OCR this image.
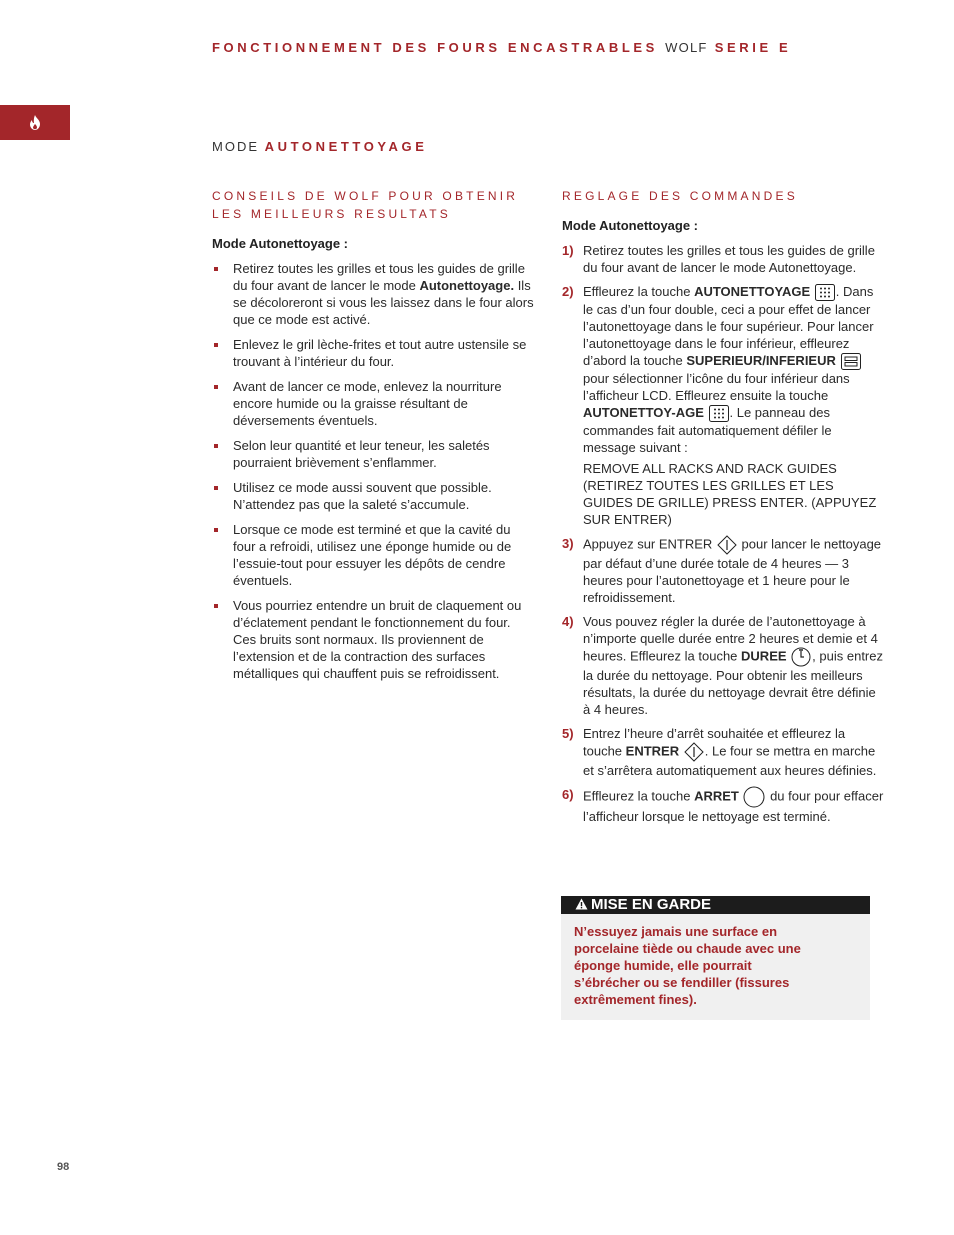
FONCTIONNEMENT DES FOURS ENCASTRABLES WOLF SERIE E
MODE AUTONETTOYAGE
CONSEILS DE WOLF POUR OBTENIR
LES MEILLEURS RESULTATS
Mode Autonettoyage :
Retirez toutes les grilles et tous les guides de grille du four avant de lancer le mode Autonettoyage. Ils se décoloreront si vous les laissez dans le four alors que ce mode est activé.
Enlevez le gril lèche-frites et tout autre ustensile se trouvant à l’intérieur du four.
Avant de lancer ce mode, enlevez la nourriture encore humide ou la graisse résultant de déversements éventuels.
Selon leur quantité et leur teneur, les saletés pourraient brièvement s’enflammer.
Utilisez ce mode aussi souvent que possible. N’attendez pas que la saleté s’accumule.
Lorsque ce mode est terminé et que la cavité du four a refroidi, utilisez une éponge humide ou de l’essuie-tout pour essuyer les dépôts de cendre éventuels.
Vous pourriez entendre un bruit de claquement ou d’éclatement pendant le fonctionnement du four. Ces bruits sont normaux. Ils proviennent de l’extension et de la contraction des surfaces métalliques qui chauffent puis se refroidissent.
REGLAGE DES COMMANDES
Mode Autonettoyage :
1) Retirez toutes les grilles et tous les guides de grille du four avant de lancer le mode Autonettoyage.
2) Effleurez la touche AUTONETTOYAGE . Dans le cas d’un four double, ceci a pour effet de lancer l’autonettoyage dans le four supérieur. Pour lancer l’autonettoyage dans le four inférieur, effleurez d’abord la touche SUPERIEUR/INFERIEUR  pour sélectionner l’icône du four inférieur dans l’afficheur LCD. Effleurez ensuite la touche AUTONETTOY-AGE . Le panneau des commandes fait automatiquement défiler le message suivant :
REMOVE ALL RACKS AND RACK GUIDES (RETIREZ TOUTES LES GRILLES ET LES GUIDES DE GRILLE) PRESS ENTER. (APPUYEZ SUR ENTRER)
3) Appuyez sur ENTRER  pour lancer le nettoyage par défaut d’une durée totale de 4 heures — 3 heures pour l’autonettoyage et 1 heure pour le refroidissement.
4) Vous pouvez régler la durée de l’autonettoyage à n’importe quelle durée entre 2 heures et demie et 4 heures. Effleurez la touche DUREE , puis entrez la durée du nettoyage. Pour obtenir les meilleurs résultats, la durée du nettoyage devrait être définie à 4 heures.
5) Entrez l’heure d’arrêt souhaitée et effleurez la touche ENTRER . Le four se mettra en marche et s’arrêtera automatiquement aux heures définies.
6) Effleurez la touche ARRET  du four pour effacer l’afficheur lorsque le nettoyage est terminé.
MISE EN GARDE
N’essuyez jamais une surface en porcelaine tiède ou chaude avec une éponge humide, elle pourrait s’ébrécher ou se fendiller (fissures extrêmement fines).
98
